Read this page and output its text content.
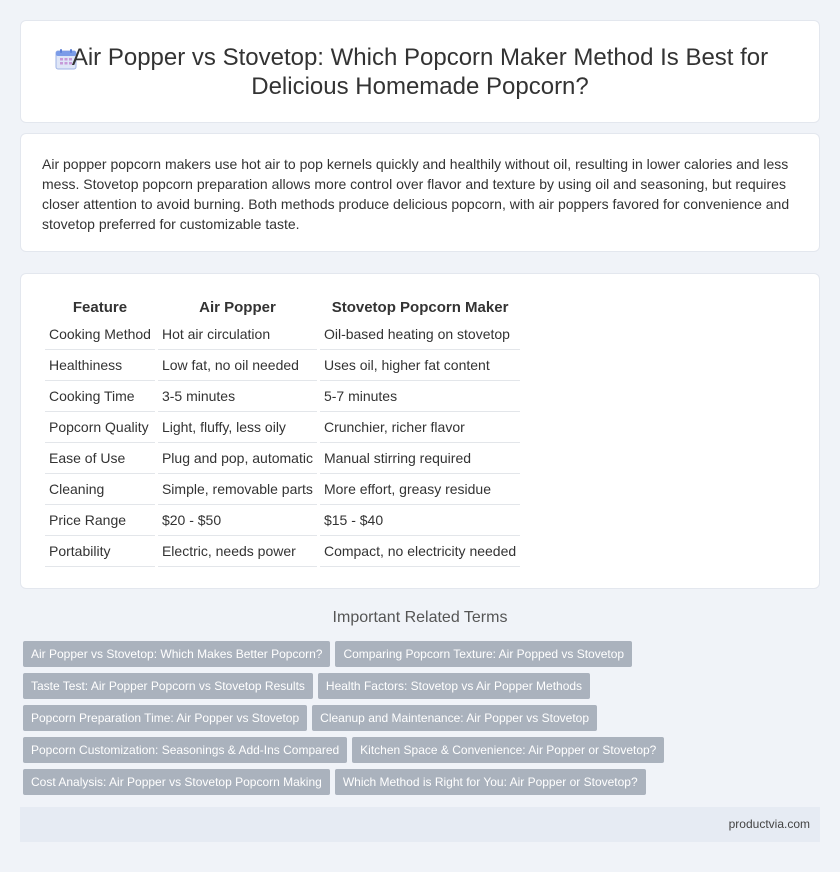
Air Popper vs Stovetop: Which Popcorn Maker Method Is Best for Delicious Homemade Popcorn?

Air popper popcorn makers use hot air to pop kernels quickly and healthily without oil, resulting in lower calories and less mess. Stovetop popcorn preparation allows more control over flavor and texture by using oil and seasoning, but requires closer attention to avoid burning. Both methods produce delicious popcorn, with air poppers favored for convenience and stovetop preferred for customizable taste.

Feature	Air Popper	Stovetop Popcorn Maker
Cooking Method	Hot air circulation	Oil-based heating on stovetop
Healthiness	Low fat, no oil needed	Uses oil, higher fat content
Cooking Time	3-5 minutes	5-7 minutes
Popcorn Quality	Light, fluffy, less oily	Crunchier, richer flavor
Ease of Use	Plug and pop, automatic	Manual stirring required
Cleaning	Simple, removable parts	More effort, greasy residue
Price Range	$20 - $50	$15 - $40
Portability	Electric, needs power	Compact, no electricity needed
Important Related Terms
Air Popper vs Stovetop: Which Makes Better Popcorn? Comparing Popcorn Texture: Air Popped vs Stovetop
Taste Test: Air Popper Popcorn vs Stovetop Results Health Factors: Stovetop vs Air Popper Methods
Popcorn Preparation Time: Air Popper vs Stovetop Cleanup and Maintenance: Air Popper vs Stovetop
Popcorn Customization: Seasonings & Add-Ins Compared Kitchen Space & Convenience: Air Popper or Stovetop?
Cost Analysis: Air Popper vs Stovetop Popcorn Making Which Method is Right for You: Air Popper or Stovetop?
productvia.com
